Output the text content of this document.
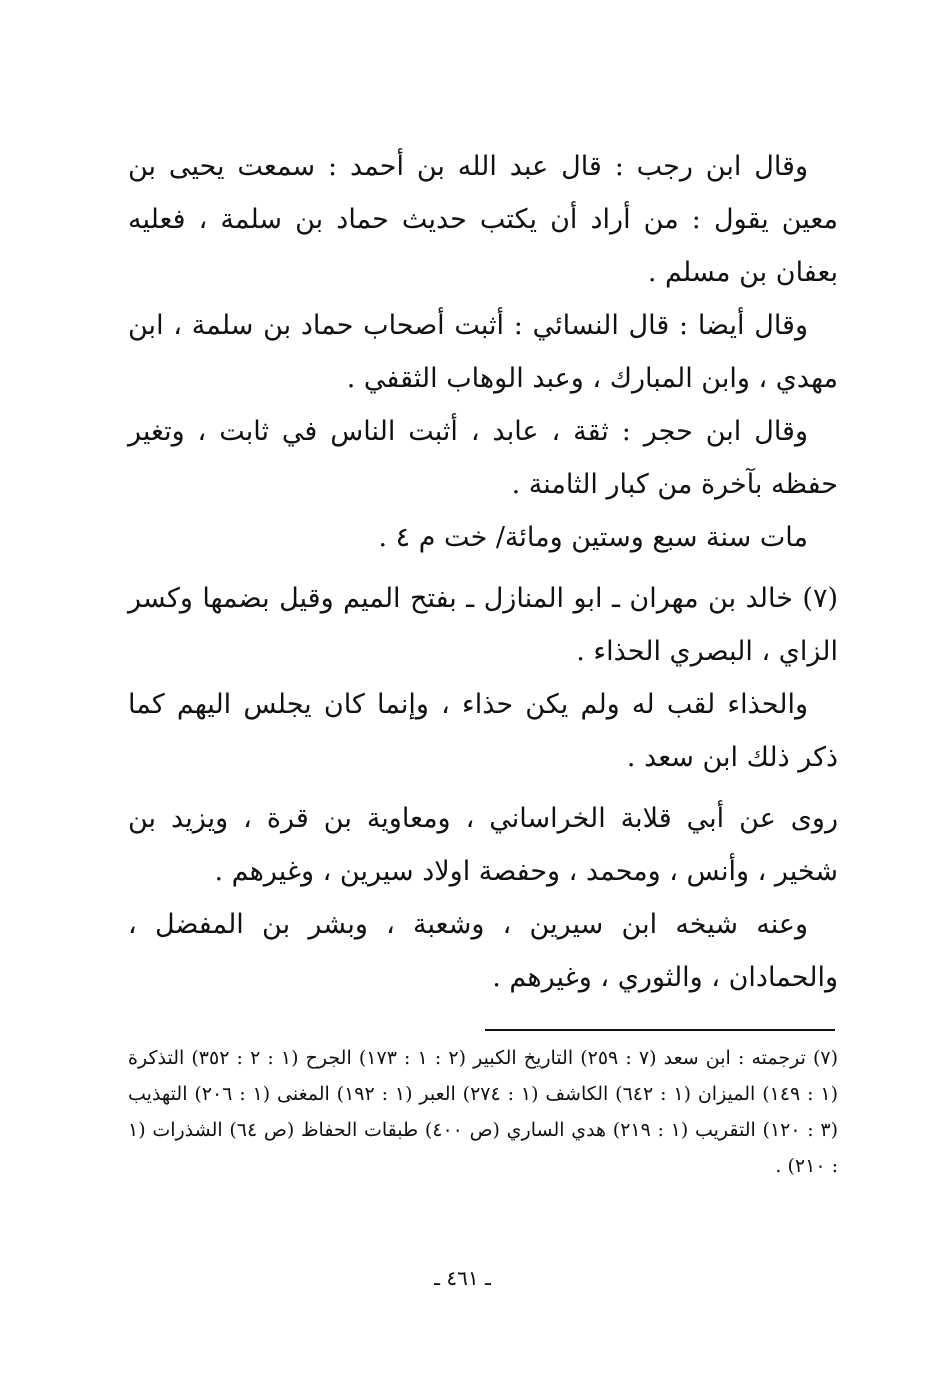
وقال ابن رجب : قال عبد الله بن أحمد : سمعت يحيى بن معين يقول : من أراد أن يكتب حديث حماد بن سلمة ، فعليه بعفان بن مسلم .

وقال أيضا : قال النسائي : أثبت أصحاب حماد بن سلمة ، ابن مهدي ، وابن المبارك ، وعبد الوهاب الثقفي .

وقال ابن حجر : ثقة ، عابد ، أثبت الناس في ثابت ، وتغير حفظه بآخرة من كبار الثامنة .

مات سنة سبع وستين ومائة/ خت م ٤ .

(٧) خالد بن مهران ـ ابو المنازل ـ بفتح الميم وقيل بضمها وكسر الزاي ، البصري الحذاء .

والحذاء لقب له ولم يكن حذاء ، وإنما كان يجلس اليهم كما ذكر ذلك ابن سعد .

روى عن أبي قلابة الخراساني ، ومعاوية بن قرة ، ويزيد بن شخير ، وأنس ، ومحمد ، وحفصة اولاد سيرين ، وغيرهم .

وعنه شيخه ابن سيرين ، وشعبة ، وبشر بن المفضل ، والحمادان ، والثوري ، وغيرهم .

(٧) ترجمته : ابن سعد (٧ : ٢٥٩) التاريخ الكبير (٢ : ١ : ١٧٣) الجرح (١ : ٢ : ٣٥٢) التذكرة (١ : ١٤٩) الميزان (١ : ٦٤٢) الكاشف (١ : ٢٧٤) العبر (١ : ١٩٢) المغنى (١ : ٢٠٦) التهذيب (٣ : ١٢٠) التقريب (١ : ٢١٩) هدي الساري (ص ٤٠٠) طبقات الحفاظ (ص ٦٤) الشذرات (١ : ٢١٠) .

ـ ٤٦١ ـ
